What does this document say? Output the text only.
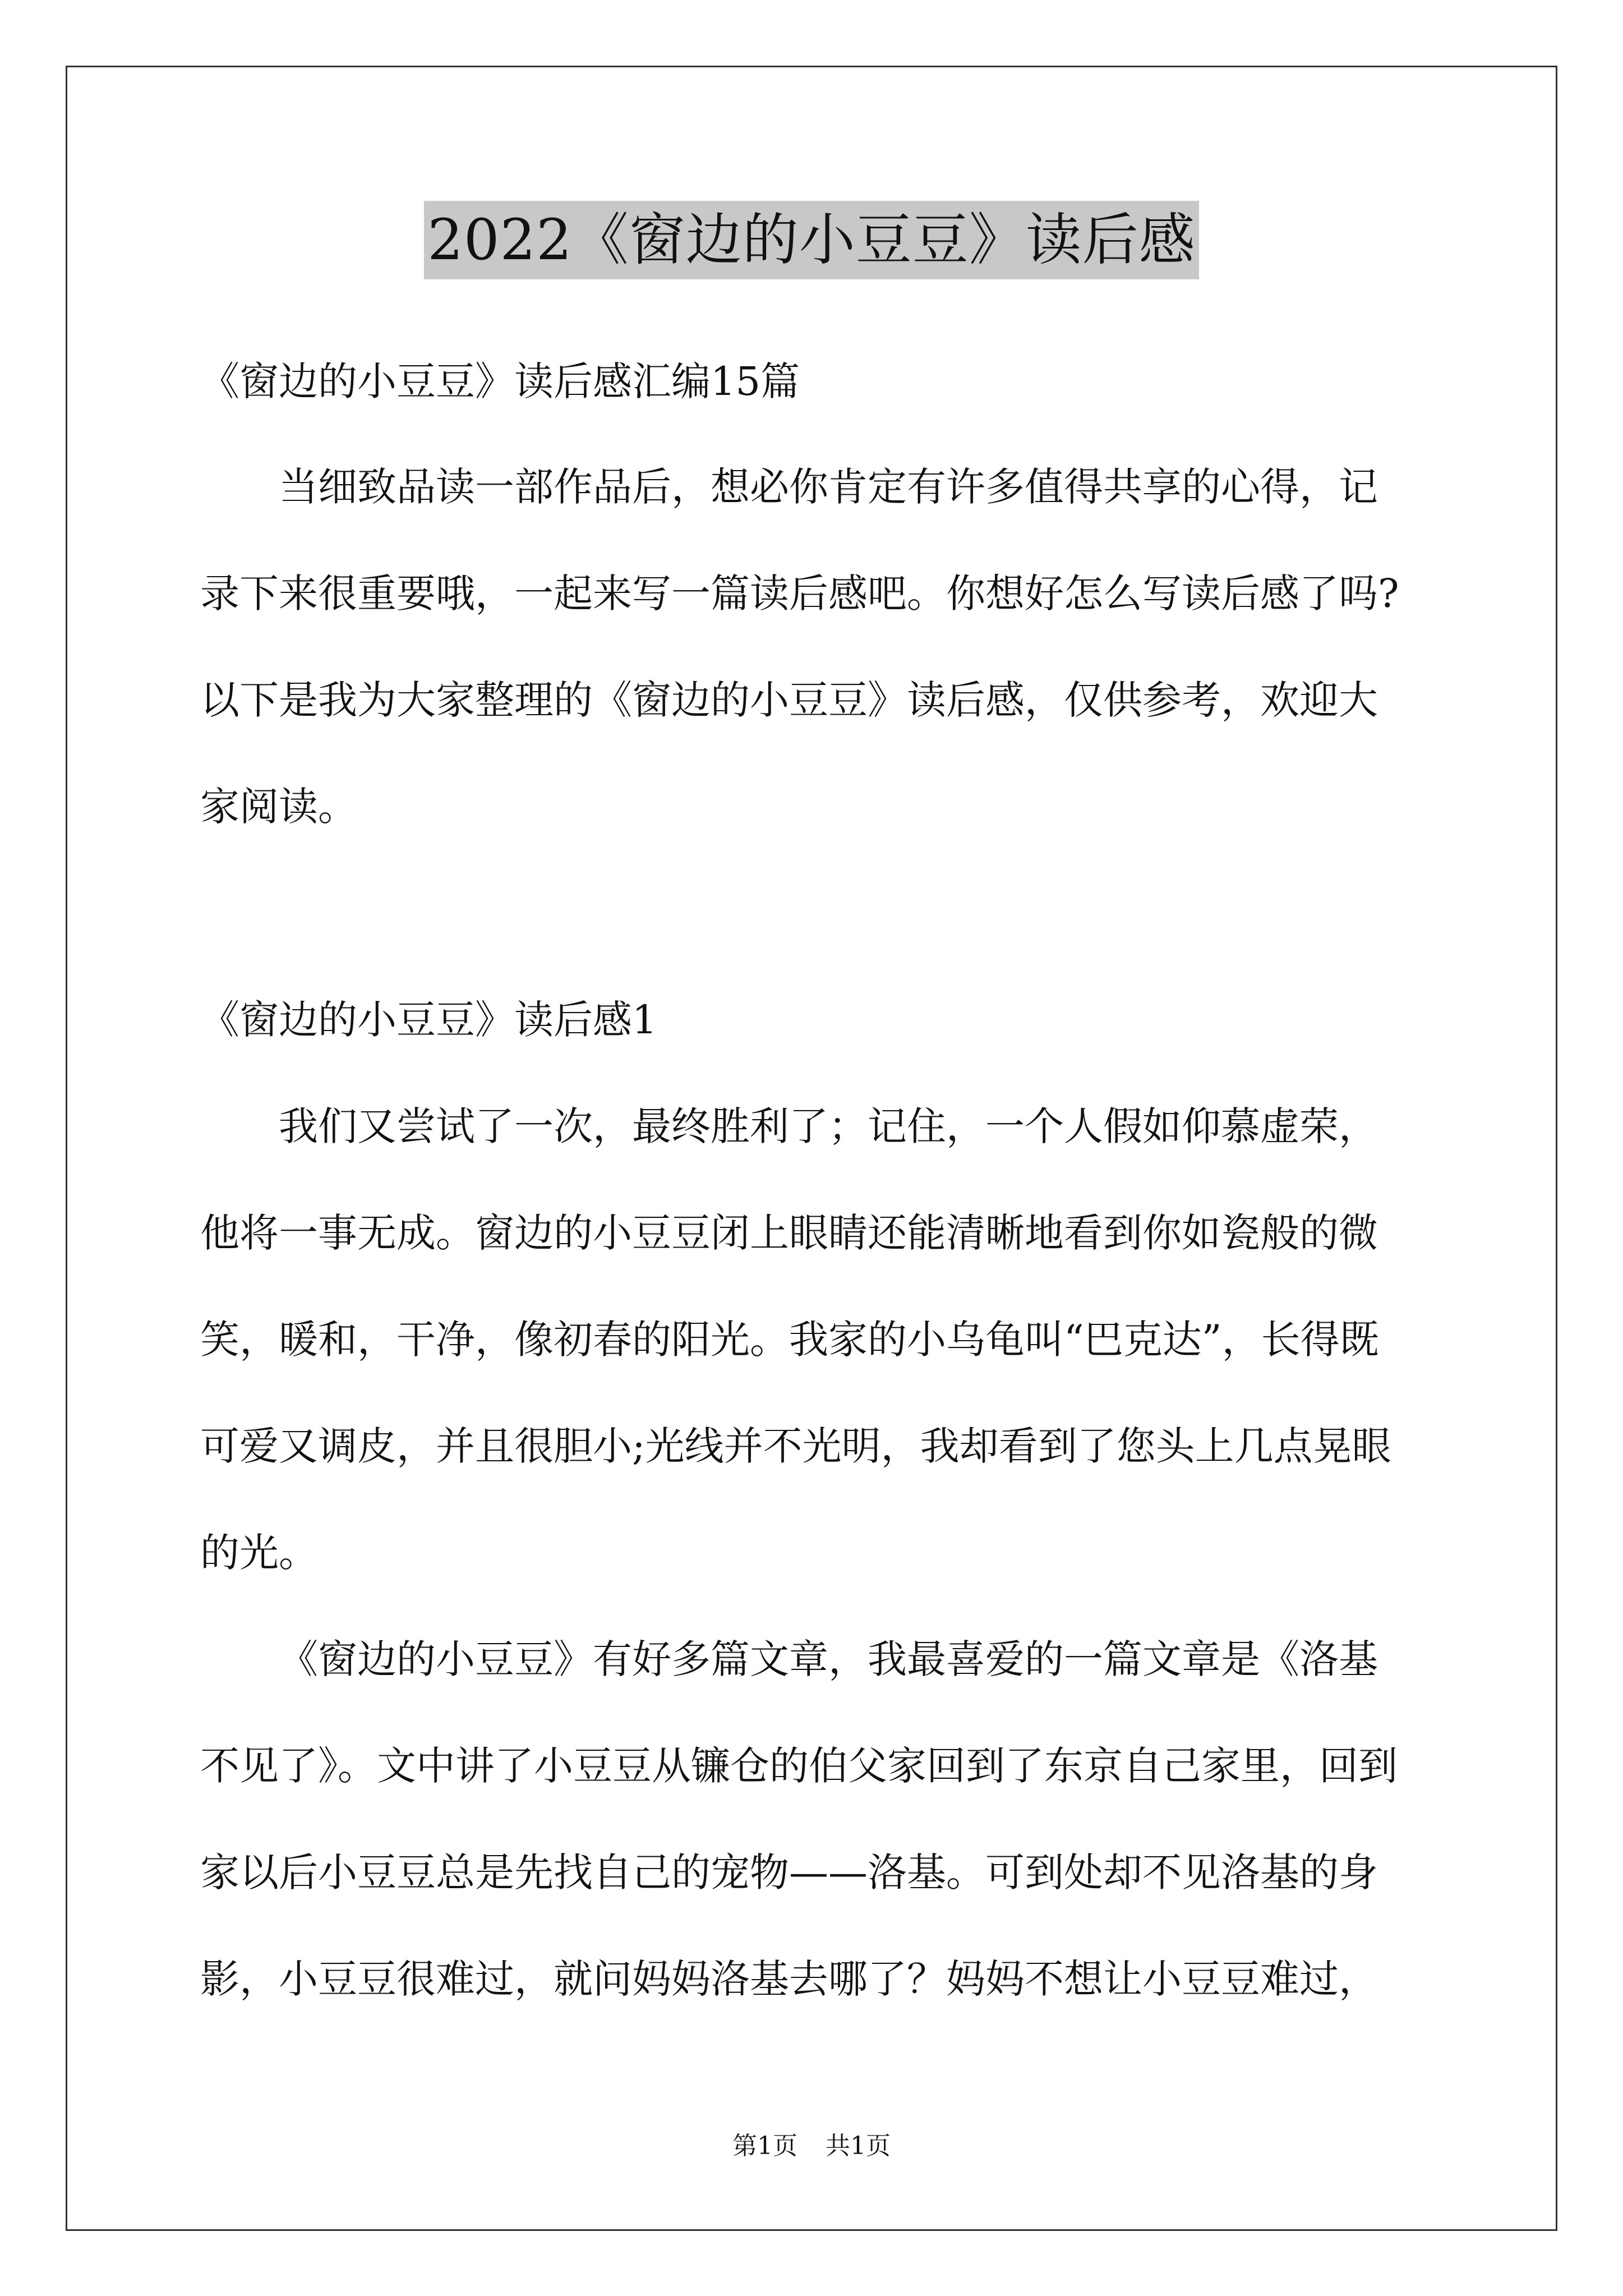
2022《窗边的小豆豆》读后感
《窗边的小豆豆》读后感汇编15篇
当细致品读一部作品后，想必你肯定有许多值得共享的心得，记
录下来很重要哦，一起来写一篇读后感吧。你想好怎么写读后感了吗?
以下是我为大家整理的《窗边的小豆豆》读后感，仅供参考，欢迎大
家阅读。
《窗边的小豆豆》读后感1
我们又尝试了一次，最终胜利了；记住，一个人假如仰慕虚荣，
他将一事无成。窗边的小豆豆闭上眼睛还能清晰地看到你如瓷般的微
笑，暖和，干净，像初春的阳光。我家的小乌龟叫“巴克达”，长得既
可爱又调皮，并且很胆小;光线并不光明，我却看到了您头上几点晃眼
的光。
《窗边的小豆豆》有好多篇文章，我最喜爱的一篇文章是《洛基
不见了》。文中讲了小豆豆从镰仓的伯父家回到了东京自己家里，回到
家以后小豆豆总是先找自己的宠物——洛基。可到处却不见洛基的身
影，小豆豆很难过，就问妈妈洛基去哪了？妈妈不想让小豆豆难过，
第1页 共1页
